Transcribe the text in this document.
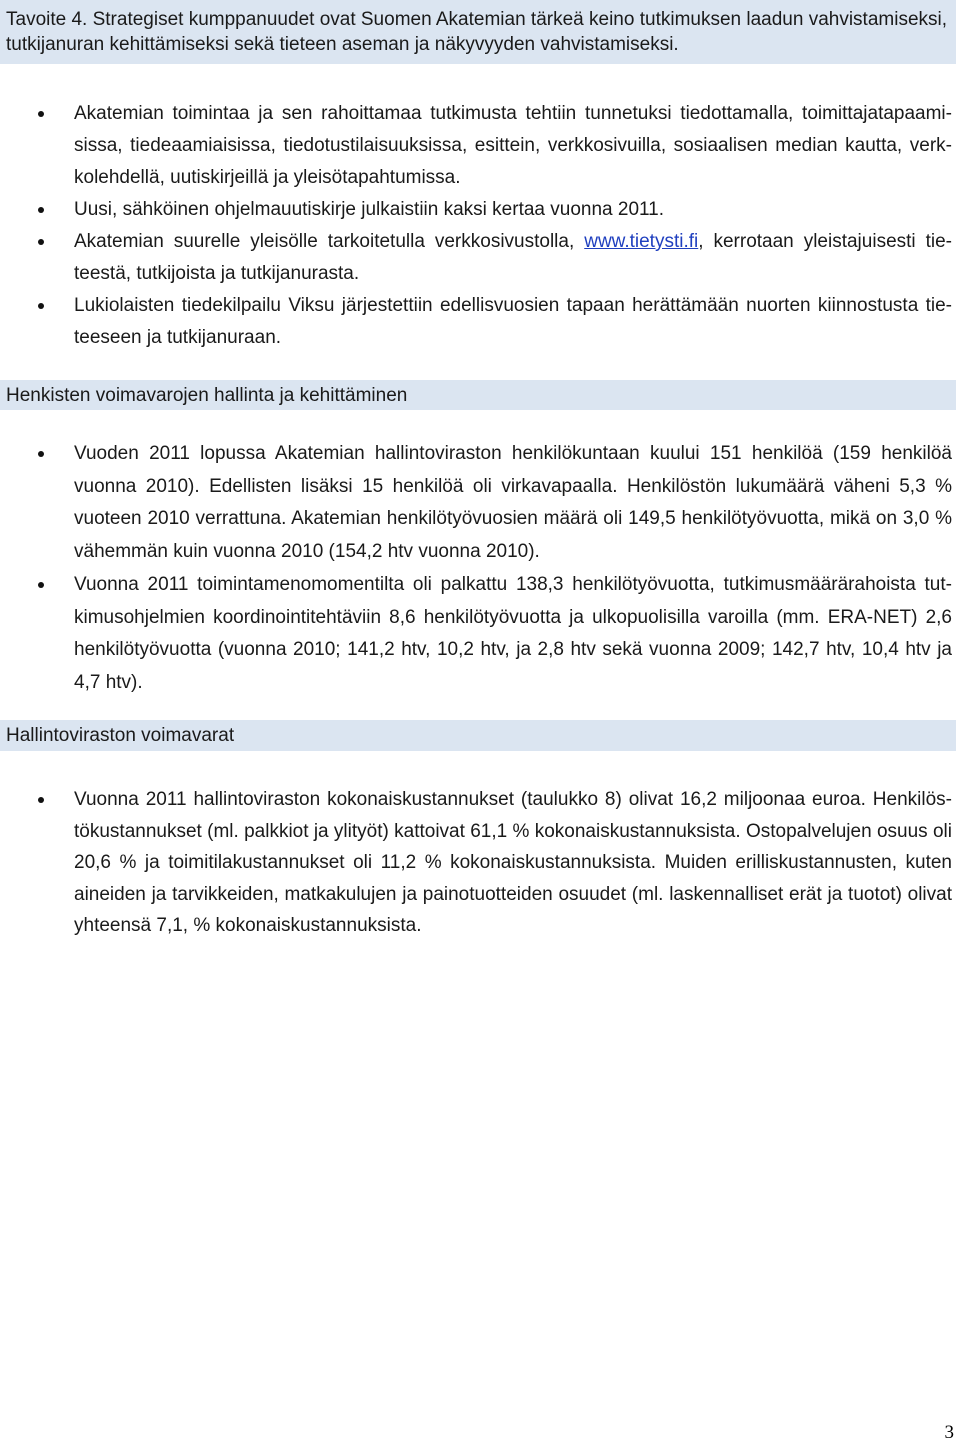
Tavoite 4. Strategiset kumppanuudet ovat Suomen Akatemian tärkeä keino tutkimuksen laadun vahvistamiseksi, tutkijanuran kehittämiseksi sekä tieteen aseman ja näkyvyyden vahvistamiseksi.
Akatemian toimintaa ja sen rahoittamaa tutkimusta tehtiin tunnetuksi tiedottamalla, toimittajatapaamisissa, tiedeaamiaisissa, tiedotustilaisuuksissa, esittein, verkkosivuilla, sosiaalisen median kautta, verkkolehdellä, uutiskirjeillä ja yleisötapahtumissa.
Uusi, sähköinen ohjelmauutiskirje julkaistiin kaksi kertaa vuonna 2011.
Akatemian suurelle yleisölle tarkoitetulla verkkosivustolla, www.tietysti.fi, kerrotaan yleistajuisesti tieteestä, tutkijoista ja tutkijanurasta.
Lukiolaisten tiedekilpailu Viksu järjestettiin edellisvuosien tapaan herättämään nuorten kiinnostusta tieteeseen ja tutkijanuraan.
Henkisten voimavarojen hallinta ja kehittäminen
Vuoden 2011 lopussa Akatemian hallintoviraston henkilökuntaan kuului 151 henkilöä (159 henkilöä vuonna 2010). Edellisten lisäksi 15 henkilöä oli virkavapaalla. Henkilöstön lukumäärä väheni 5,3 % vuoteen 2010 verrattuna. Akatemian henkilötyövuosien määrä oli 149,5 henkilötyövuotta, mikä on 3,0 % vähemmän kuin vuonna 2010 (154,2 htv vuonna 2010).
Vuonna 2011 toimintamenomomentilta oli palkattu 138,3 henkilötyövuotta, tutkimusmäärärahoista tutkimusohjelmien koordinointitehtäviin 8,6 henkilötyövuotta ja ulkopuolisilla varoilla (mm. ERA-NET) 2,6 henkilötyövuotta (vuonna 2010; 141,2 htv, 10,2 htv, ja 2,8 htv sekä vuonna 2009; 142,7 htv, 10,4 htv ja 4,7 htv).
Hallintoviraston voimavarat
Vuonna 2011 hallintoviraston kokonaiskustannukset (taulukko 8) olivat 16,2 miljoonaa euroa. Henkilöstökustannukset (ml. palkkiot ja ylityöt) kattoivat 61,1 % kokonaiskustannuksista. Ostopalvelujen osuus oli 20,6 % ja toimitilakustannukset oli 11,2 % kokonaiskustannuksista. Muiden erilliskustannusten, kuten aineiden ja tarvikkeiden, matkakulujen ja painotuotteiden osuudet (ml. laskennalliset erät ja tuotot) olivat yhteensä 7,1, % kokonaiskustannuksista.
3
